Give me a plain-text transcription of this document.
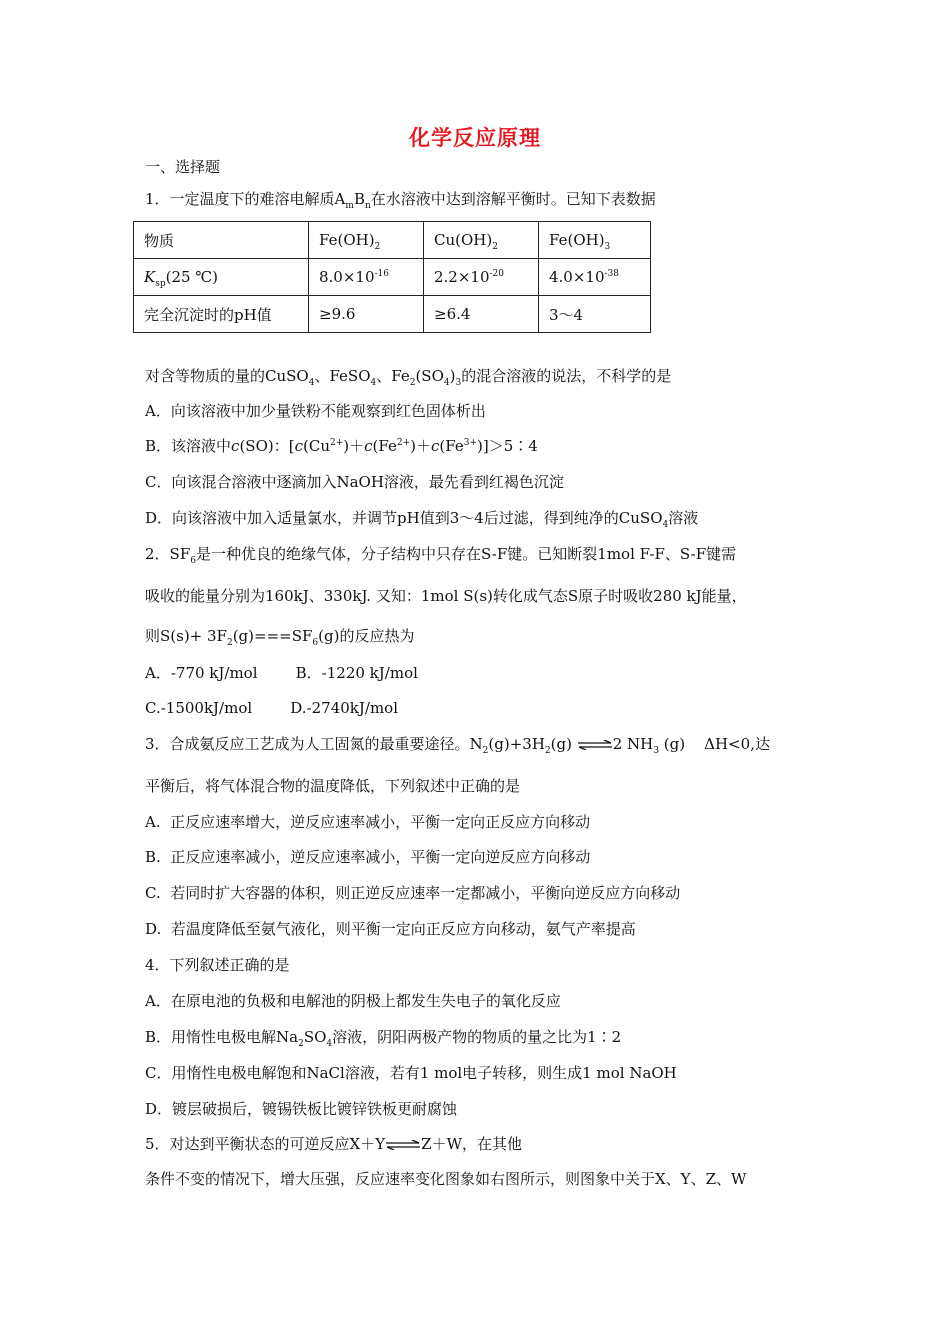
化学反应原理
一、选择题
1．一定温度下的难溶电解质$A_mB_n$在水溶液中达到溶解平衡时。已知下表数据
物质	$Fe(OH)_2$	$Cu(OH)_2$	$Fe(OH)_3$
$K_{sp}(25$ ℃)	$8.0\times 10^{-16}$	$2.2\times 10^{-20}$	$4.0\times 10^{-38}$
完全沉淀时的pH值	≥9.6	≥6.4	3～4
对含等物质的量的CuSO$_4$、FeSO$_4$、$Fe_2(SO_4)_3$的混合溶液的说法，不科学的是
A．向该溶液中加少量铁粉不能观察到红色固体析出
B．该溶液中c(SO)：$[c(Cu^{2+})+c(Fe^{2+})+c(Fe^{3+})]>5∶4$
C．向该混合溶液中逐滴加入NaOH溶液，最先看到红褐色沉淀
D．向该溶液中加入适量氯水，并调节pH值到3～4后过滤，得到纯净的CuSO$_4$溶液
2．$SF_6$是一种优良的绝缘气体，分子结构中只存在S-F键。已知断裂1mol F-F、S-F键需
吸收的能量分别为160kJ、330kJ. 又知：1mol S(s)转化成气态S原子时吸收280 kJ能量，
则$S(s)+ 3F_2(g)===SF_6(g)$的反应热为
A．-770 kJ/mol        B．-1220 kJ/mol
C.-1500kJ/mol        D.-2740kJ/mol
3．合成氨反应工艺成为人工固氮的最重要途径。$N_2(g)+3H_2(g)$ ⇌2 $NH_3$ (g)    ΔH<0,达
平衡后，将气体混合物的温度降低，下列叙述中正确的是
A.  正反应速率增大，逆反应速率减小，平衡一定向正反应方向移动
B.  正反应速率减小，逆反应速率减小，平衡一定向逆反应方向移动
C.  若同时扩大容器的体积，则正逆反应速率一定都减小，平衡向逆反应方向移动
D.  若温度降低至氨气液化，则平衡一定向正反应方向移动，氨气产率提高
4．下列叙述正确的是
A．在原电池的负极和电解池的阴极上都发生失电子的氧化反应
B．用惰性电极电解$Na_2SO_4$溶液，阴阳两极产物的物质的量之比为1∶2
C．用惰性电极电解饱和NaCl溶液，若有1 mol电子转移，则生成1 mol NaOH
D．镀层破损后，镀锡铁板比镀锌铁板更耐腐蚀
5．对达到平衡状态的可逆反应X＋Y⇌Z＋W，在其他
条件不变的情况下，增大压强，反应速率变化图象如右图所示，则图象中关于X、Y、Z、W
